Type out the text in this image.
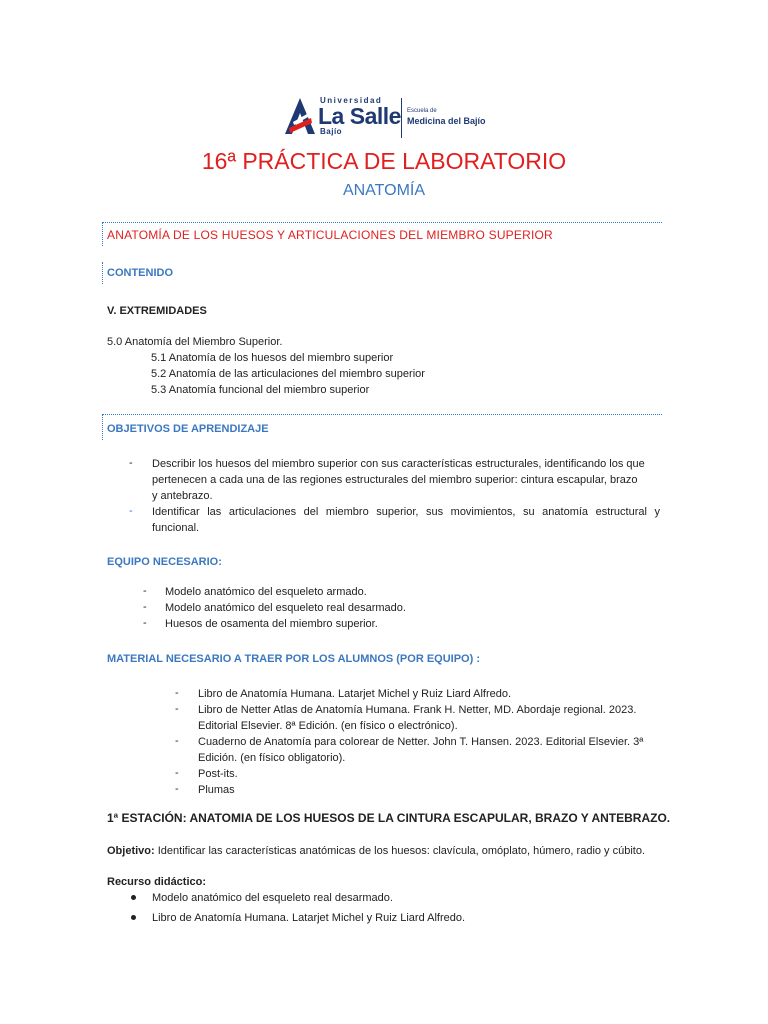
Universidad
La Salle
Bajío
Escuela de
Medicina del Bajío
16ª PRÁCTICA DE LABORATORIO
ANATOMÍA
ANATOMÍA DE LOS HUESOS Y ARTICULACIONES DEL MIEMBRO SUPERIOR
CONTENIDO
V. EXTREMIDADES
5.0 Anatomía del Miembro Superior.
5.1 Anatomía de los huesos del miembro superior
5.2 Anatomía de las articulaciones del miembro superior
5.3 Anatomía funcional del miembro superior
OBJETIVOS DE APRENDIZAJE
- Describir los huesos del miembro superior con sus características estructurales, identificando los que
pertenecen a cada una de las regiones estructurales del miembro superior: cintura escapular, brazo
y antebrazo.
- Identificar las articulaciones del miembro superior, sus movimientos, su anatomía estructural y
funcional.
EQUIPO NECESARIO:
- Modelo anatómico del esqueleto armado.
- Modelo anatómico del esqueleto real desarmado.
- Huesos de osamenta del miembro superior.
MATERIAL NECESARIO A TRAER POR LOS ALUMNOS (POR EQUIPO) :
- Libro de Anatomía Humana. Latarjet Michel y Ruiz Liard Alfredo.
- Libro de Netter Atlas de Anatomía Humana. Frank H. Netter, MD. Abordaje regional. 2023.
Editorial Elsevier. 8ª Edición. (en físico o electrónico).
- Cuaderno de Anatomía para colorear de Netter. John T. Hansen. 2023. Editorial Elsevier. 3ª
Edición. (en físico obligatorio).
- Post-its.
- Plumas
1ª ESTACIÓN: ANATOMIA DE LOS HUESOS DE LA CINTURA ESCAPULAR, BRAZO Y ANTEBRAZO.
Objetivo: Identificar las características anatómicas de los huesos: clavícula, omóplato, húmero, radio y cúbito.
Recurso didáctico:
Modelo anatómico del esqueleto real desarmado.
Libro de Anatomía Humana. Latarjet Michel y Ruiz Liard Alfredo.
